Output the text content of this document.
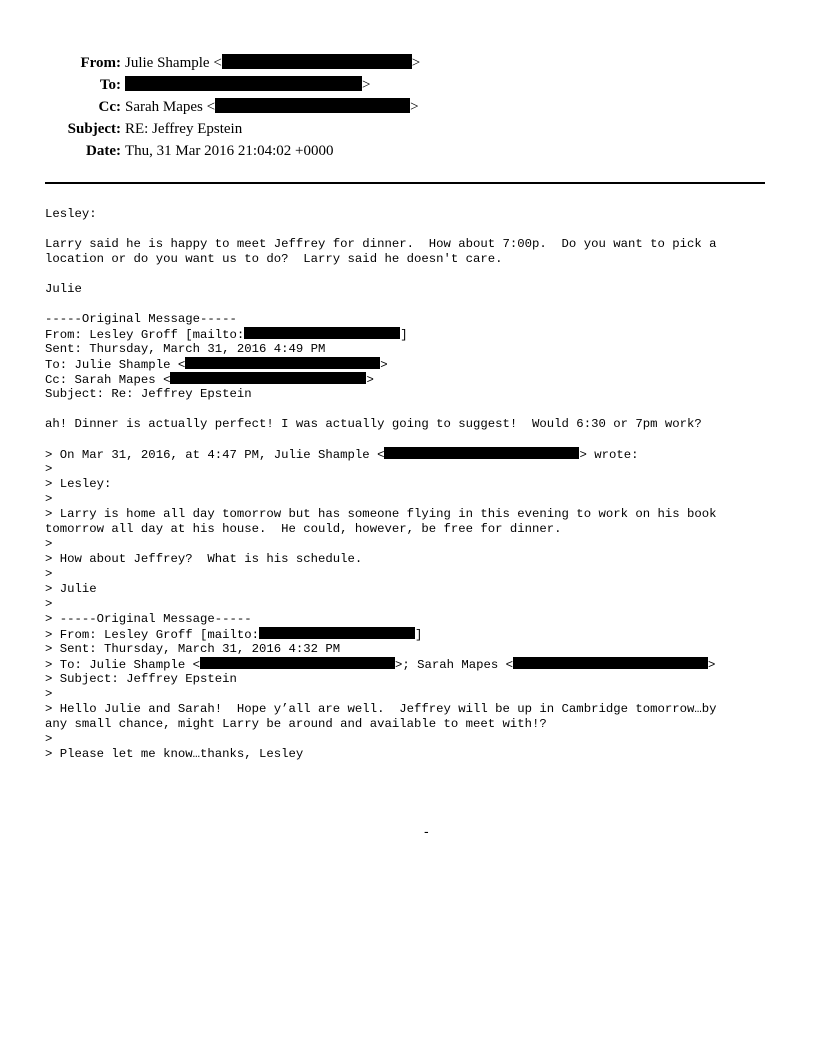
From: Julie Shample <	>
To:	>
Cc: Sarah Mapes <	>
Subject: RE: Jeffrey Epstein
Date: Thu, 31 Mar 2016 21:04:02 +0000
Lesley:
Larry said he is happy to meet Jeffrey for dinner.  How about 7:00p.  Do you want to pick a
location or do you want us to do?  Larry said he doesn't care.
Julie
-----Original Message-----
From: Lesley Groff [mailto:	]
Sent: Thursday, March 31, 2016 4:49 PM
To: Julie Shample <	>
Cc: Sarah Mapes <	>
Subject: Re: Jeffrey Epstein
ah! Dinner is actually perfect! I was actually going to suggest!  Would 6:30 or 7pm work?
> On Mar 31, 2016, at 4:47 PM, Julie Shample <	> wrote:
>
> Lesley:
>
> Larry is home all day tomorrow but has someone flying in this evening to work on his book
tomorrow all day at his house.  He could, however, be free for dinner.
>
> How about Jeffrey?  What is his schedule.
>
> Julie
>
> -----Original Message-----
> From: Lesley Groff [mailto:	]
> Sent: Thursday, March 31, 2016 4:32 PM
> To: Julie Shample <	>; Sarah Mapes <	>
> Subject: Jeffrey Epstein
>
> Hello Julie and Sarah!  Hope y’all are well.  Jeffrey will be up in Cambridge tomorrow…by
any small chance, might Larry be around and available to meet with!?
>
> Please let me know…thanks, Lesley
-
